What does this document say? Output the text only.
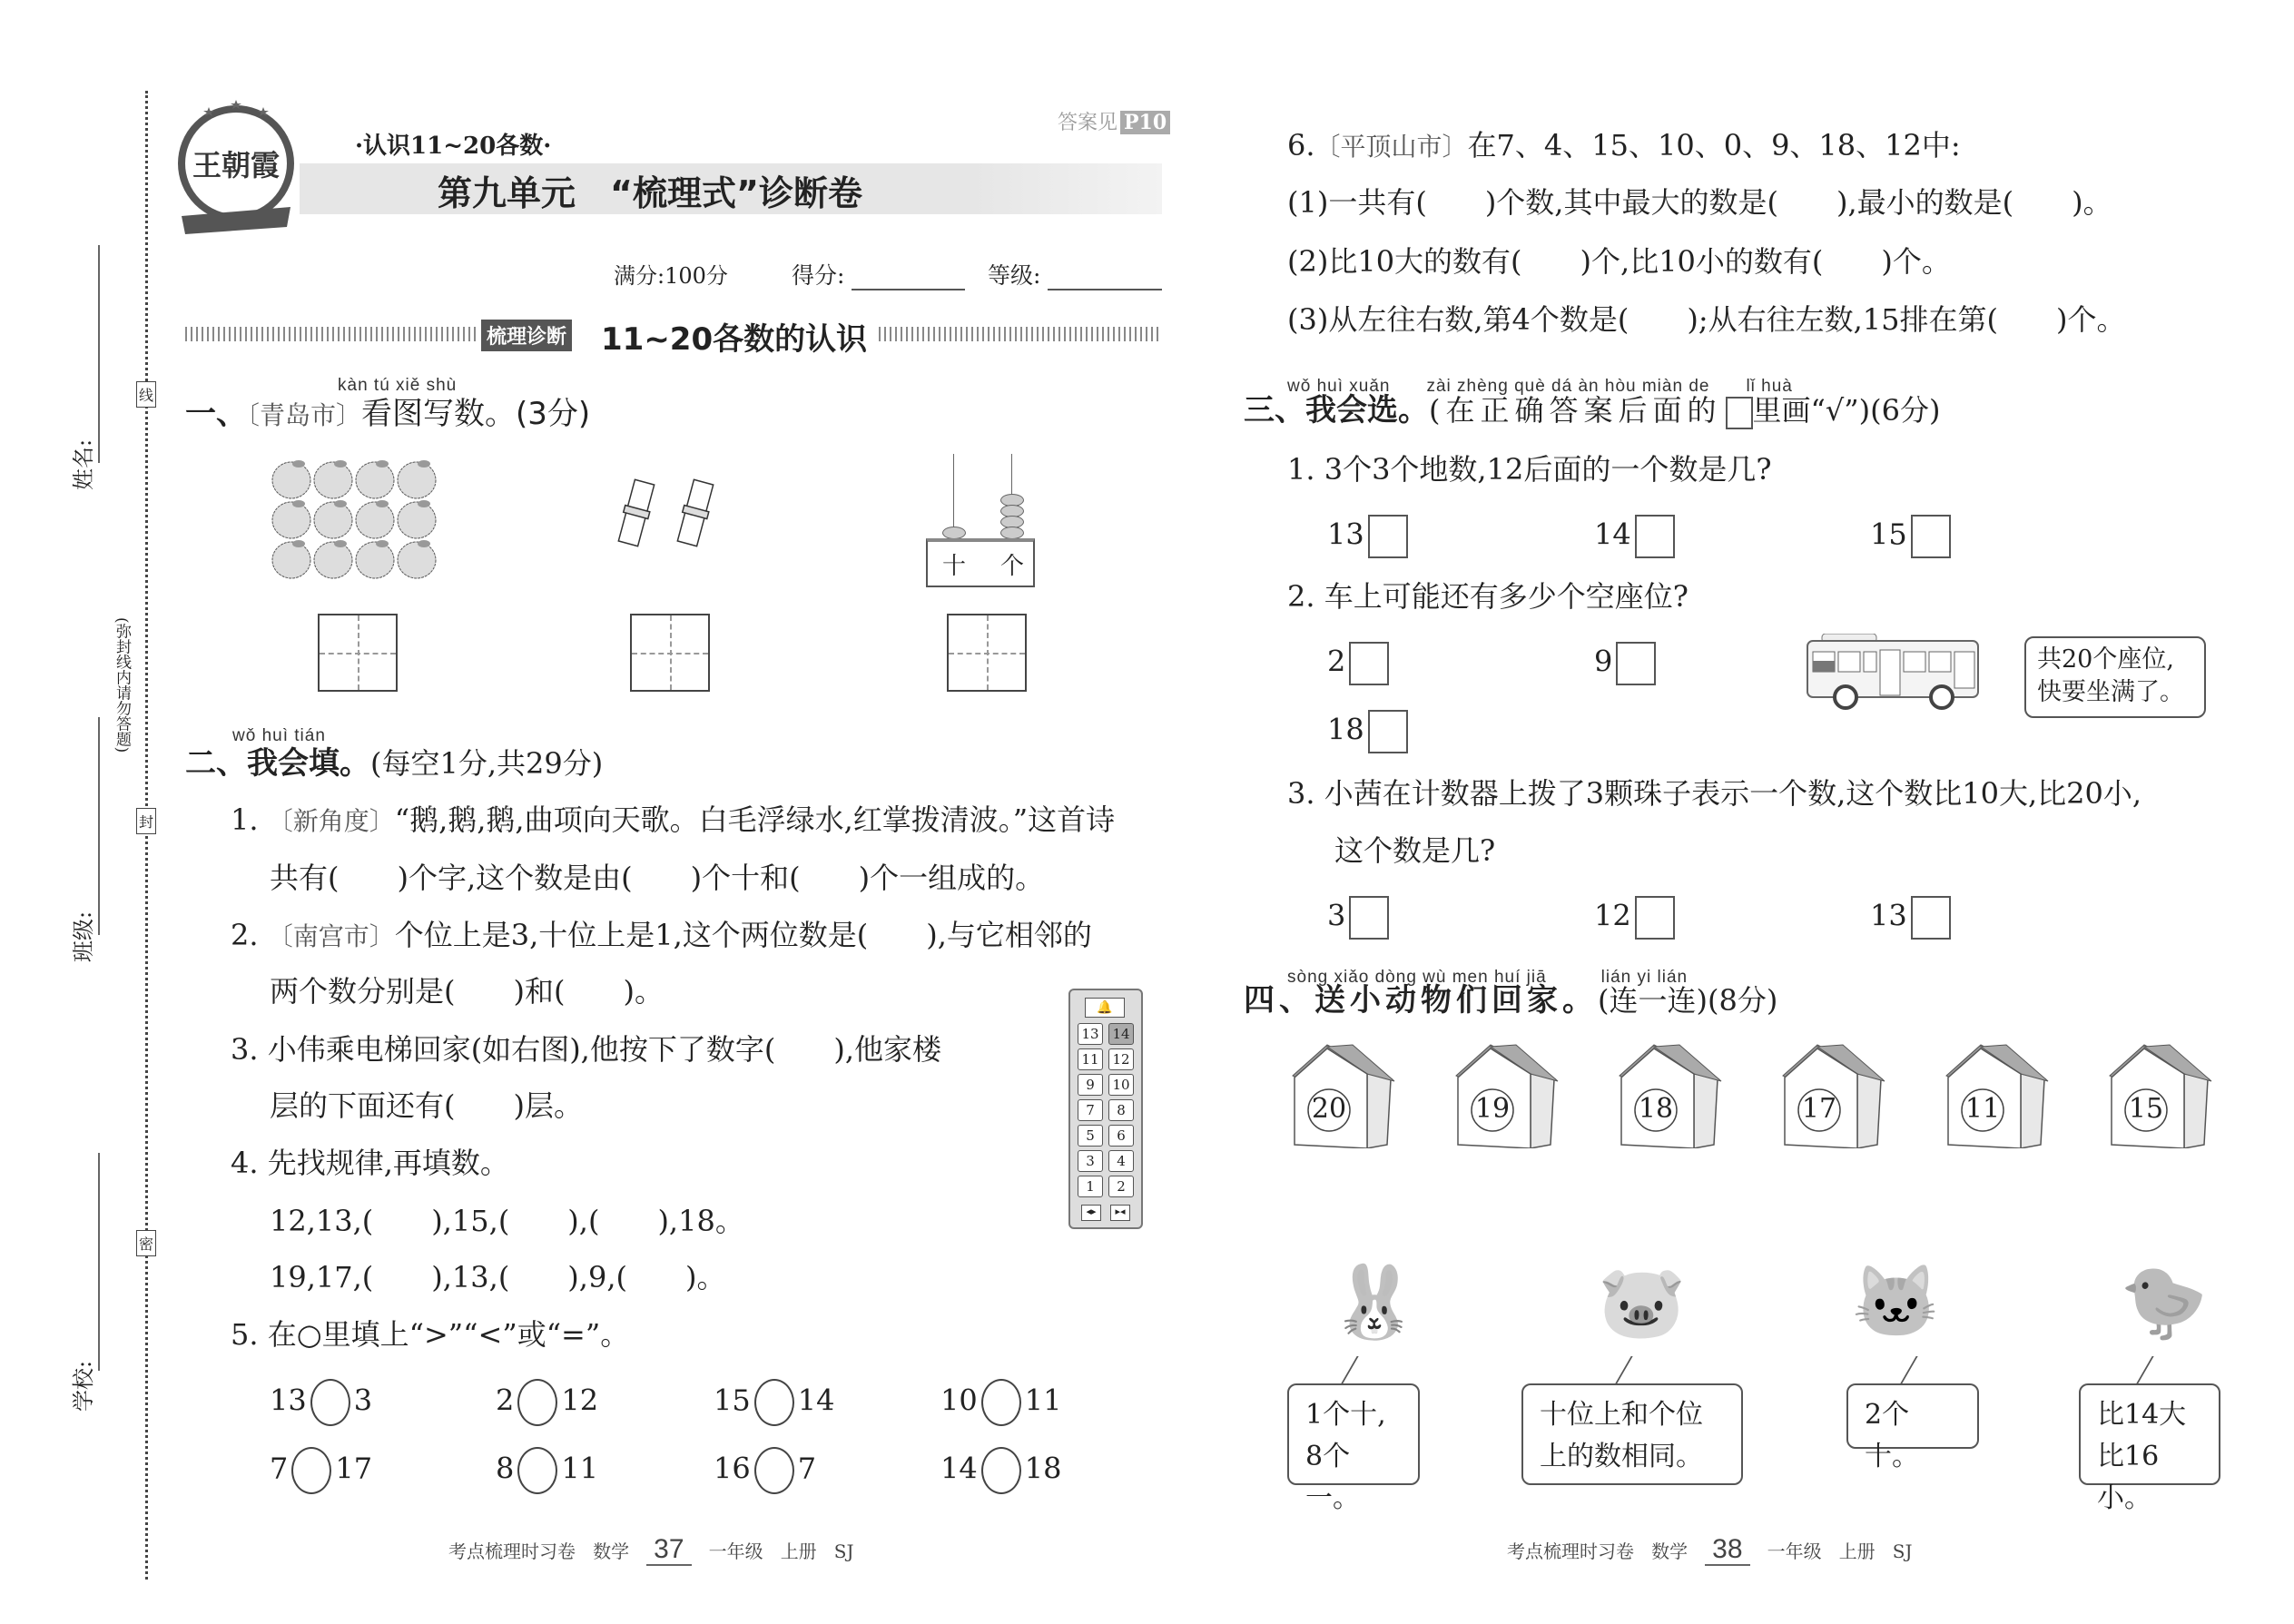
线
封
密
姓名:
(弥封线内请勿答题)
班级:
学校:
王朝霞
答案见 P10
·认识11~20各数·
第九单元　“梳理式”诊断卷
满分:100分	得分:	等级:
梳理诊断 11~20各数的认识
kàn tú xiě shù
一、〔青岛市〕看图写数。(3分)
十 个
wǒ huì tián
二、我会填。(每空1分,共29分)
1. 〔新角度〕“鹅,鹅,鹅,曲项向天歌。白毛浮绿水,红掌拨清波。”这首诗
共有(　　)个字,这个数是由(　　)个十和(　　)个一组成的。
2. 〔南宫市〕个位上是3,十位上是1,这个两位数是(　　),与它相邻的
两个数分别是(　　)和(　　)。
3. 小伟乘电梯回家(如右图),他按下了数字(　　),他家楼
层的下面还有(　　)层。
4. 先找规律,再填数。
12,13,(　　),15,(　　),(　　),18。
19,17,(　　),13,(　　),9,(　　)。
5. 在○里填上“>”“<”或“=”。
13 3	2 12	15 14	10 11
7 17	8 11	16 7	14 18
🔔
◂▸	▸◂
13 14
11 12
9	10
7	8
5	6
3	4
1	2
考点梳理时习卷 数学 37 一年级 上册 SJ
6.〔平顶山市〕在7、4、15、10、0、9、18、12中:
(1)一共有(　　)个数,其中最大的数是(　　),最小的数是(　　)。
(2)比10大的数有(　　)个,比10小的数有(　　)个。
(3)从左往右数,第4个数是(　　);从右往左数,15排在第(　　)个。
wǒ huì xuǎn　　zài zhèng què dá àn hòu miàn de　　lǐ huà
三、我会选。(在正确答案后面的 里画“√”)(6分)
1. 3个3个地数,12后面的一个数是几?
2. 车上可能还有多少个空座位?
3. 小茜在计数器上拨了3颗珠子表示一个数,这个数比10大,比20小,
这个数是几?
13	14	15
2	9
18
3	12	13
共20个座位,
快要坐满了。
sòng xiǎo dòng wù men huí jiā　　　lián yi lián
四、送小动物们回家。(连一连)(8分)
20	19	18	17	11	15
🐰
1个十,
8个一。
🐷
十位上和个位
上的数相同。
🐱
2个十。
🐤
比14大
比16小。
考点梳理时习卷 数学 38 一年级 上册 SJ
